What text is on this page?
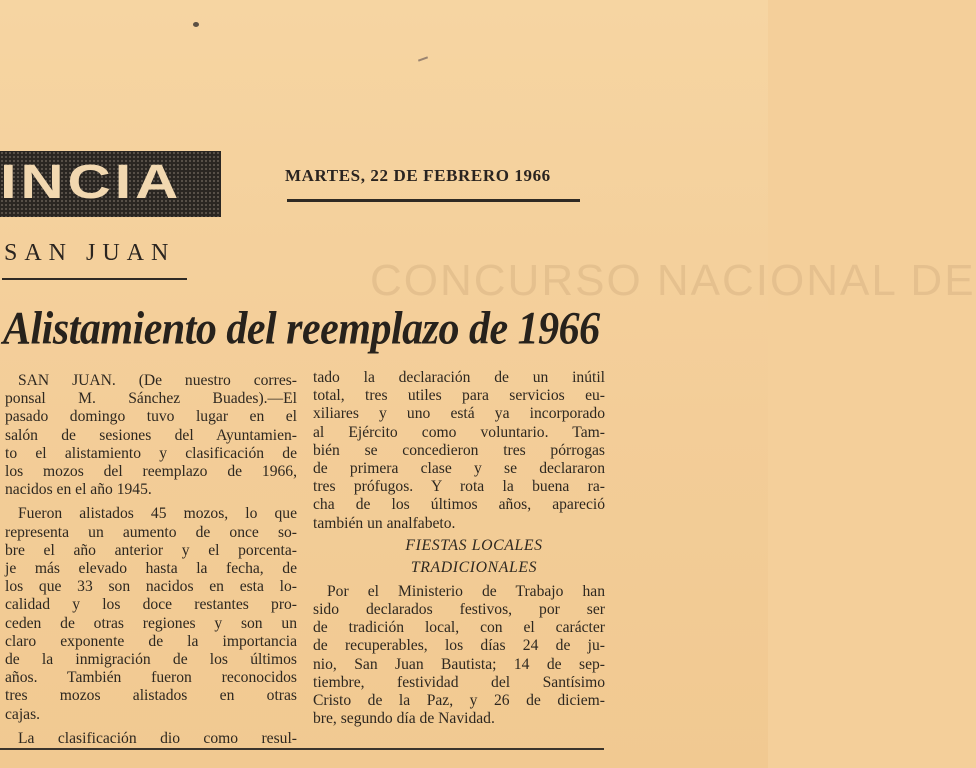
INCIA	MARTES, 22 DE FEBRERO 1966
CONCURSO NACIONAL DE
SAN JUAN
Alistamiento del reemplazo de 1966
SAN JUAN. (De nuestro corres-
ponsal M. Sánchez Buades).—El
pasado domingo tuvo lugar en el
salón de sesiones del Ayuntamien-
to el alistamiento y clasificación de
los mozos del reemplazo de 1966,
nacidos en el año 1945.
Fueron alistados 45 mozos, lo que
representa un aumento de once so-
bre el año anterior y el porcenta-
je más elevado hasta la fecha, de
los que 33 son nacidos en esta lo-
calidad y los doce restantes pro-
ceden de otras regiones y son un
claro exponente de la importancia
de la inmigración de los últimos
años. También fueron reconocidos
tres mozos alistados en otras
cajas.
La clasificación dio como resul-
tado la declaración de un inútil
total, tres utiles para servicios eu-
xiliares y uno está ya incorporado
al Ejército como voluntario. Tam-
bién se concedieron tres pórrogas
de primera clase y se declararon
tres prófugos. Y rota la buena ra-
cha de los últimos años, apareció
también un analfabeto.
FIESTAS LOCALES
TRADICIONALES
Por el Ministerio de Trabajo han
sido declarados festivos, por ser
de tradición local, con el carácter
de recuperables, los días 24 de ju-
nio, San Juan Bautista; 14 de sep-
tiembre, festividad del Santísimo
Cristo de la Paz, y 26 de diciem-
bre, segundo día de Navidad.
